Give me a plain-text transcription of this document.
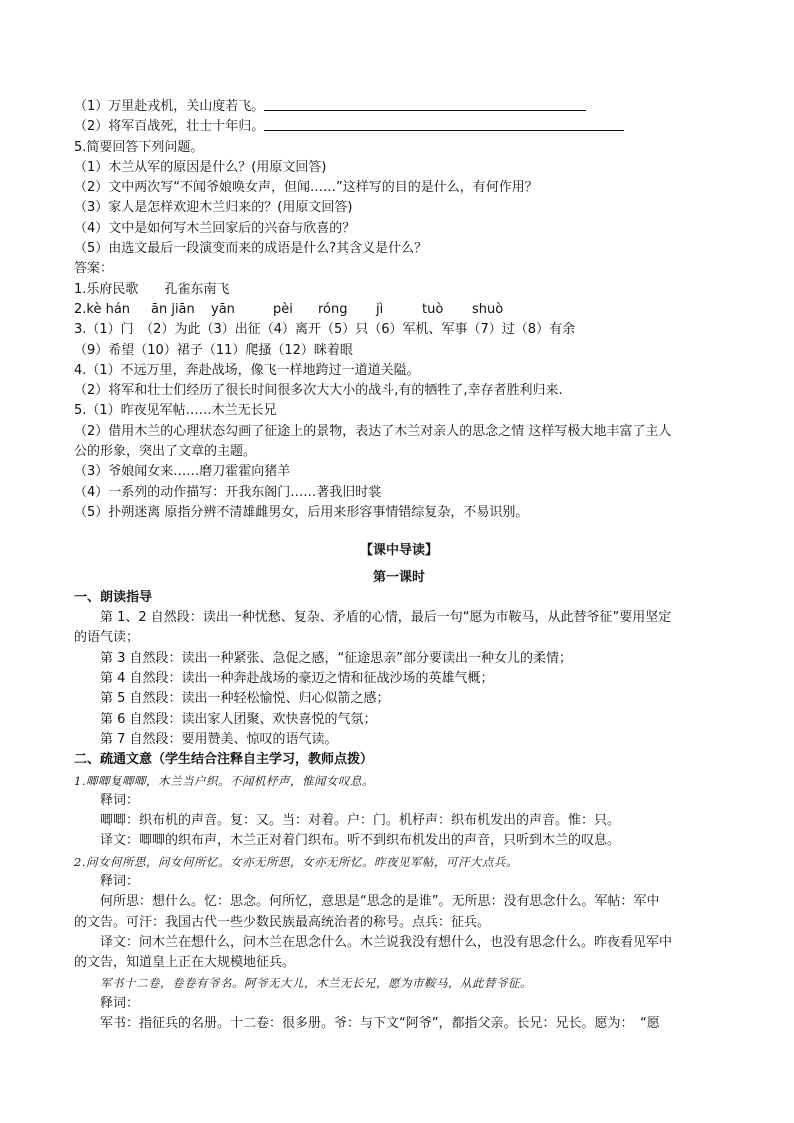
（1）万里赴戎机，关山度若飞。
（2）将军百战死，壮士十年归。
5.简要回答下列问题。
（1）木兰从军的原因是什么？(用原文回答)
（2）文中两次写“不闻爷娘唤女声，但闻……”这样写的目的是什么，有何作用？
（3）家人是怎样欢迎木兰归来的？(用原文回答)
（4）文中是如何写木兰回家后的兴奋与欣喜的？
（5）由选文最后一段演变而来的成语是什么?其含义是什么？
答案：
1.乐府民歌　　孔雀东南飞
2.kè hán ān jiān yān	pèi róng jì	tuò shuò
3.（1）门　（2）为此（3）出征（4）离开（5）只（6）军机、军事（7）过（8）有余
（9）希望（10）裙子（11）爬搔（12）眯着眼
4.（1）不远万里，奔赴战场，像飞一样地跨过一道道关隘。
（2）将军和壮士们经历了很长时间很多次大大小的战斗,有的牺牲了,幸存者胜利归来.
5.（1）昨夜见军帖……木兰无长兄
（2）借用木兰的心理状态勾画了征途上的景物，表达了木兰对亲人的思念之情 这样写极大地丰富了主人
公的形象，突出了文章的主题。
（3）爷娘闻女来……磨刀霍霍向猪羊
（4）一系列的动作描写：开我东阁门……著我旧时裳
（5）扑朔迷离 原指分辨不清雄雌男女，后用来形容事情错综复杂，不易识别。
【课中导读】
第一课时
一、朗读指导
第 1、2 自然段：读出一种忧愁、复杂、矛盾的心情，最后一句“愿为市鞍马，从此替爷征”要用坚定
的语气读；
第 3 自然段：读出一种紧张、急促之感，“征途思亲”部分要读出一种女儿的柔情；
第 4 自然段：读出一种奔赴战场的豪迈之情和征战沙场的英雄气概；
第 5 自然段：读出一种轻松愉悦、归心似箭之感；
第 6 自然段：读出家人团聚、欢快喜悦的气氛；
第 7 自然段：要用赞美、惊叹的语气读。
二、疏通文意（学生结合注释自主学习，教师点拨）
1.唧唧复唧唧，木兰当户织。不闻机杼声，惟闻女叹息。
释词：
唧唧：织布机的声音。复：又。当：对着。户：门。机杼声：织布机发出的声音。惟：只。
译文：唧唧的织布声，木兰正对着门织布。听不到织布机发出的声音，只听到木兰的叹息。
2.问女何所思，问女何所忆。女亦无所思，女亦无所忆。昨夜见军帖，可汗大点兵。
释词：
何所思：想什么。忆：思念。何所忆，意思是“思念的是谁”。无所思：没有思念什么。军帖：军中
的文告。可汗：我国古代一些少数民族最高统治者的称号。点兵：征兵。
译文：问木兰在想什么，问木兰在思念什么。木兰说我没有想什么，也没有思念什么。昨夜看见军中
的文告，知道皇上正在大规模地征兵。
军书十二卷，卷卷有爷名。阿爷无大儿，木兰无长兄，愿为市鞍马，从此替爷征。
释词：
军书：指征兵的名册。十二卷：很多册。爷：与下文“阿爷”，都指父亲。长兄：兄长。愿为：　“愿
